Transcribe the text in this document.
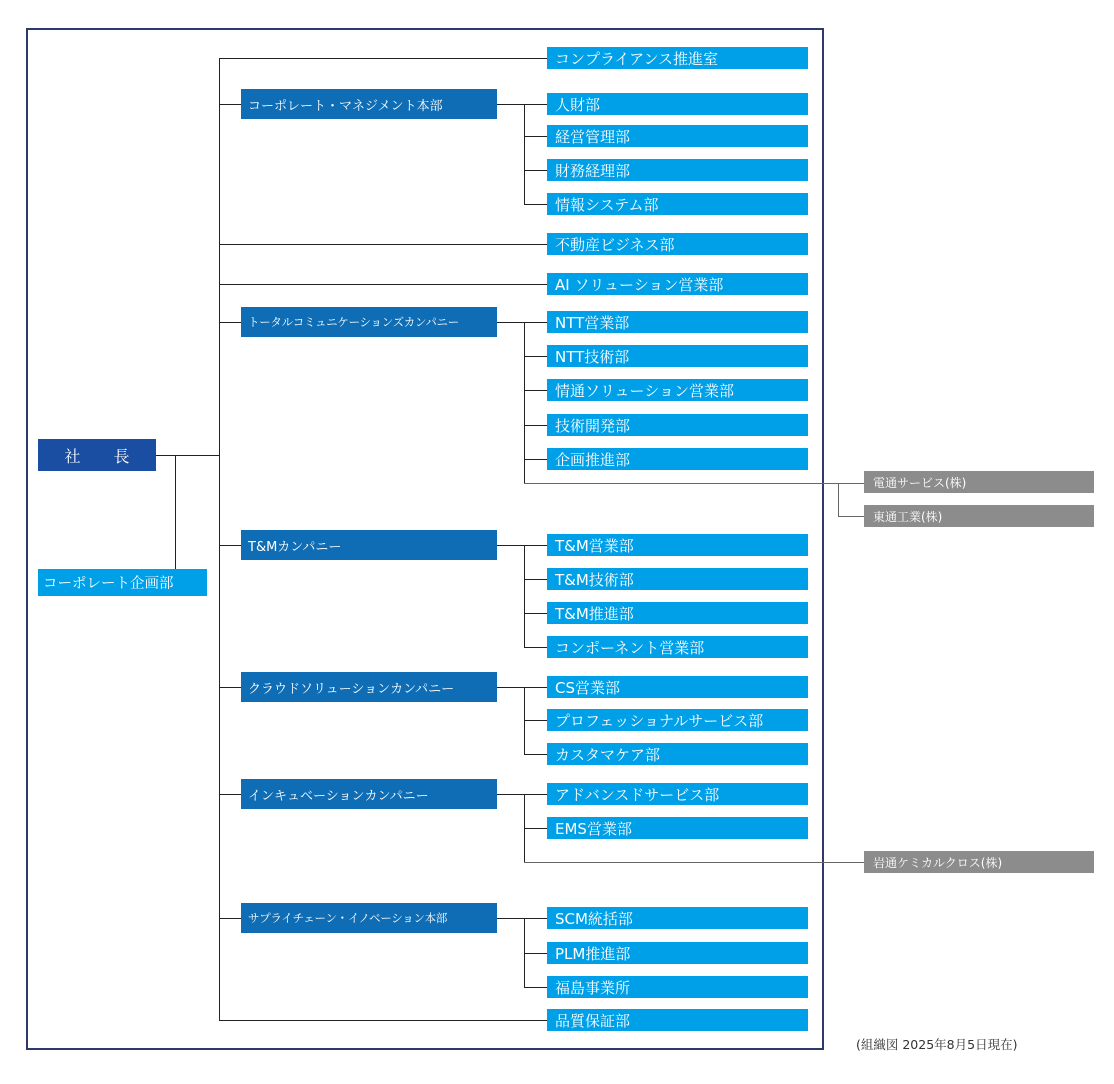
社 長
コーポレート企画部
コンプライアンス推進室
不動産ビジネス部
AI ソリューション営業部
品質保証部
コーポレート・マネジメント本部	人財部
経営管理部
財務経理部
情報システム部
トータルコミュニケーションズカンパニー	NTT営業部
NTT技術部
情通ソリューション営業部
技術開発部
企画推進部
T&Mカンパニー	T&M営業部
T&M技術部
T&M推進部
コンポーネント営業部
クラウドソリューションカンパニー	CS営業部
プロフェッショナルサービス部
カスタマケア部
インキュベーションカンパニー	アドバンスドサービス部
EMS営業部
サプライチェーン・イノベーション本部	SCM統括部
PLM推進部
福島事業所
電通サービス(株)
東通工業(株)
岩通ケミカルクロス(株)
(組織図 2025年8月5日現在)
